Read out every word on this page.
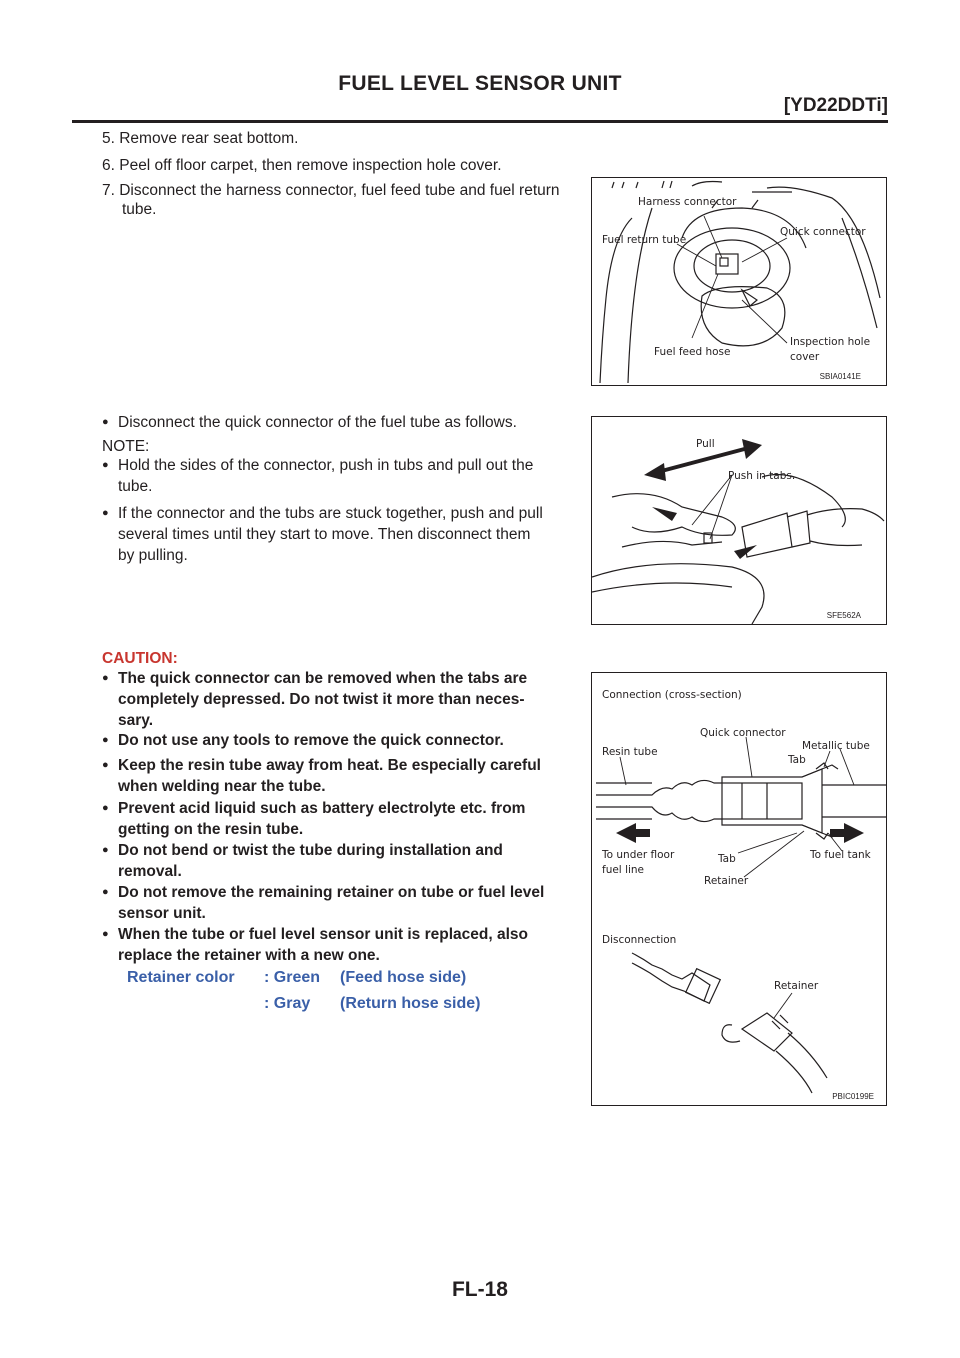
FUEL LEVEL SENSOR UNIT
[YD22DDTi]
5. Remove rear seat bottom.
6. Peel off floor carpet, then remove inspection hole cover.
7. Disconnect the harness connector, fuel feed tube and fuel return
tube.	Harness connector
Fuel return tube
Quick connector
Fuel feed hose
Inspection hole
cover
SBIA0141E
● Disconnect the quick connector of the fuel tube as follows.
NOTE:
● Hold the sides of the connector, push in tubs and pull out the
tube.
● If the connector and the tubs are stuck together, push and pull
several times until they start to move. Then disconnect them
by pulling.
Pull
Push in tabs.
SFE562A
CAUTION:
● The quick connector can be removed when the tabs are
completely depressed. Do not twist it more than neces-
sary.
● Do not use any tools to remove the quick connector.
● Keep the resin tube away from heat. Be especially careful
when welding near the tube.
● Prevent acid liquid such as battery electrolyte etc. from
getting on the resin tube.
● Do not bend or twist the tube during installation and
removal.
● Do not remove the remaining retainer on tube or fuel level
sensor unit.
● When the tube or fuel level sensor unit is replaced, also
replace the retainer with a new one.
Retainer color : Green (Feed hose side)
: Gray (Return hose side)
Connection (cross-section)
Quick connector
Resin tube	Metallic tube
Tab
To under floor
fuel line
Tab	To fuel tank
Retainer
Disconnection
Retainer
PBIC0199E
FL-18
